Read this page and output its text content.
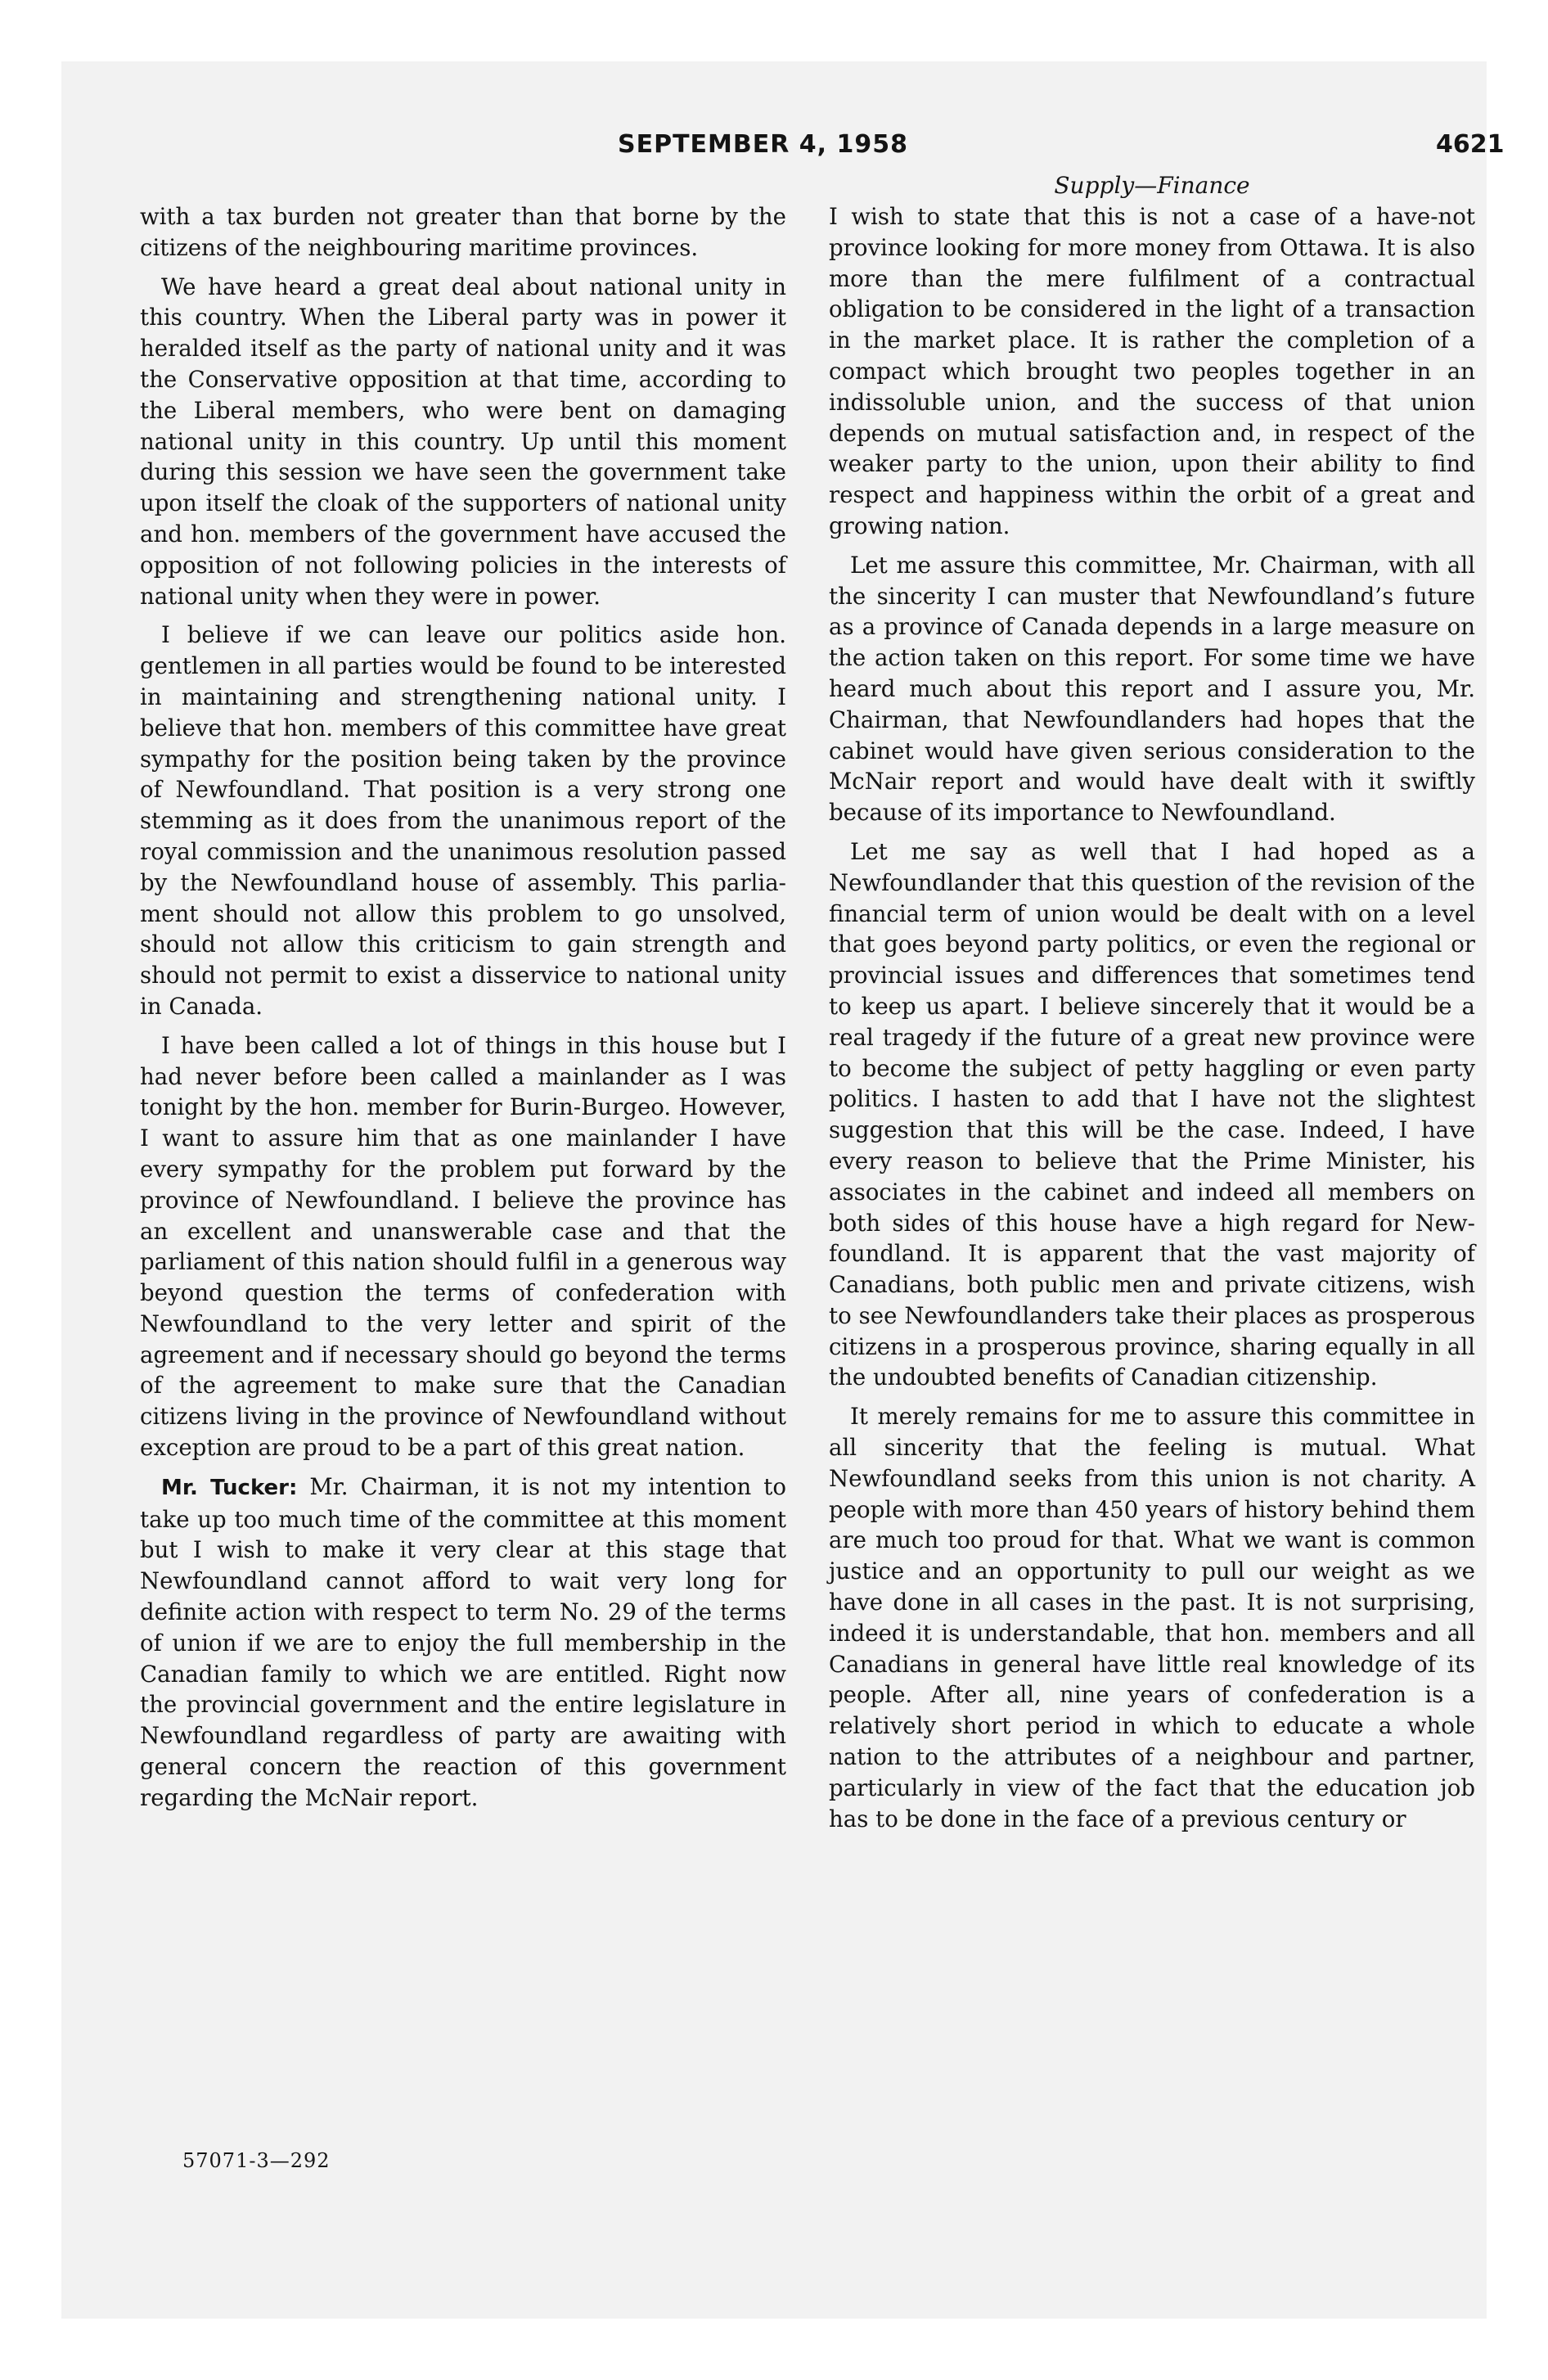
SEPTEMBER 4, 1958	4621

with a tax burden not greater than that borne by the citizens of the neighbouring maritime provinces.

We have heard a great deal about national unity in this country. When the Liberal party was in power it heralded itself as the party of national unity and it was the Conservative opposition at that time, according to the Liberal members, who were bent on damaging national unity in this country. Up until this moment during this session we have seen the government take upon itself the cloak of the supporters of national unity and hon. members of the government have accused the opposition of not following policies in the interests of national unity when they were in power.

I believe if we can leave our politics aside hon. gentlemen in all parties would be found to be interested in maintaining and strengthening national unity. I believe that hon. members of this committee have great sympathy for the position being taken by the province of Newfoundland. That position is a very strong one stemming as it does from the unanimous report of the royal commission and the unanimous resolution passed by the Newfoundland house of assembly. This parliament should not allow this problem to go unsolved, should not allow this criticism to gain strength and should not permit to exist a disservice to national unity in Canada.

I have been called a lot of things in this house but I had never before been called a mainlander as I was tonight by the hon. member for Burin-Burgeo. However, I want to assure him that as one mainlander I have every sympathy for the problem put forward by the province of Newfoundland. I believe the province has an excellent and unanswerable case and that the parliament of this nation should fulfil in a generous way beyond question the terms of confederation with Newfoundland to the very letter and spirit of the agreement and if necessary should go beyond the terms of the agreement to make sure that the Canadian citizens living in the province of Newfoundland without exception are proud to be a part of this great nation.

Mr. Tucker: Mr. Chairman, it is not my intention to take up too much time of the committee at this moment but I wish to make it very clear at this stage that Newfoundland cannot afford to wait very long for definite action with respect to term No. 29 of the terms of union if we are to enjoy the full membership in the Canadian family to which we are entitled. Right now the provincial government and the entire legislature in Newfoundland regardless of party are awaiting with general concern the reaction of this government regarding the McNair report.

Supply—Finance

I wish to state that this is not a case of a have-not province looking for more money from Ottawa. It is also more than the mere fulfilment of a contractual obligation to be considered in the light of a transaction in the market place. It is rather the completion of a compact which brought two peoples together in an indissoluble union, and the success of that union depends on mutual satisfaction and, in respect of the weaker party to the union, upon their ability to find respect and happiness within the orbit of a great and growing nation.

Let me assure this committee, Mr. Chairman, with all the sincerity I can muster that Newfoundland’s future as a province of Canada depends in a large measure on the action taken on this report. For some time we have heard much about this report and I assure you, Mr. Chairman, that Newfoundlanders had hopes that the cabinet would have given serious consideration to the McNair report and would have dealt with it swiftly because of its importance to Newfoundland.

Let me say as well that I had hoped as a Newfoundlander that this question of the revision of the financial term of union would be dealt with on a level that goes beyond party politics, or even the regional or provincial issues and differences that sometimes tend to keep us apart. I believe sincerely that it would be a real tragedy if the future of a great new province were to become the subject of petty haggling or even party politics. I hasten to add that I have not the slightest suggestion that this will be the case. Indeed, I have every reason to believe that the Prime Minister, his associates in the cabinet and indeed all members on both sides of this house have a high regard for Newfoundland. It is apparent that the vast majority of Canadians, both public men and private citizens, wish to see Newfoundlanders take their places as prosperous citizens in a prosperous province, sharing equally in all the undoubted benefits of Canadian citizenship.

It merely remains for me to assure this committee in all sincerity that the feeling is mutual. What Newfoundland seeks from this union is not charity. A people with more than 450 years of history behind them are much too proud for that. What we want is common justice and an opportunity to pull our weight as we have done in all cases in the past. It is not surprising, indeed it is understandable, that hon. members and all Canadians in general have little real knowledge of its people. After all, nine years of confederation is a relatively short period in which to educate a whole nation to the attributes of a neighbour and partner, particularly in view of the fact that the education job has to be done in the face of a previous century or

57071-3—292
